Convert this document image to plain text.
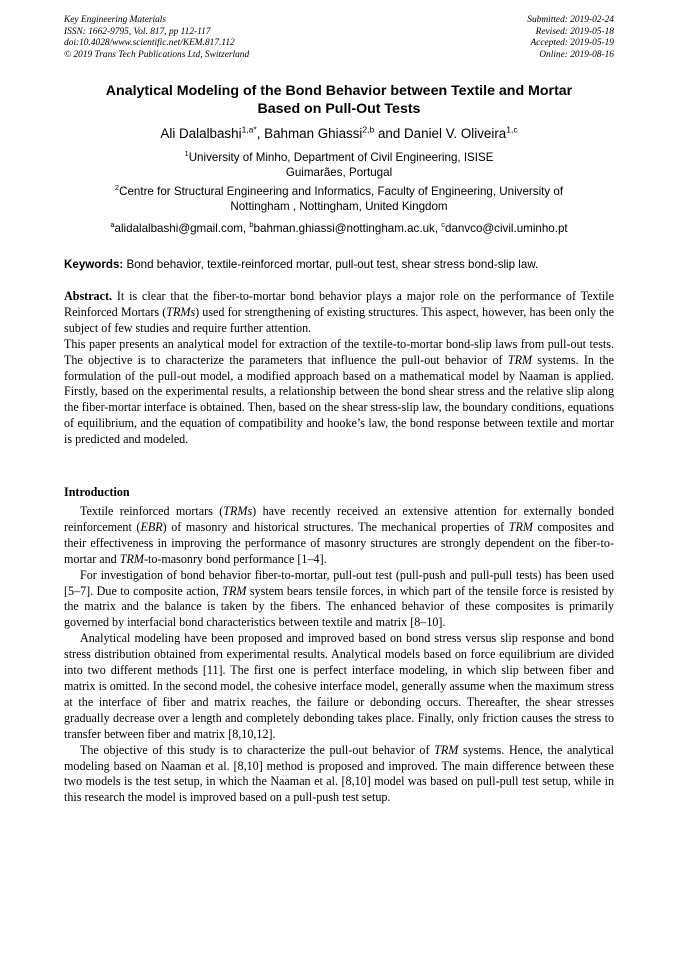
Key Engineering Materials
ISSN: 1662-9795, Vol. 817, pp 112-117
doi:10.4028/www.scientific.net/KEM.817.112
© 2019 Trans Tech Publications Ltd, Switzerland
Submitted: 2019-02-24
Revised: 2019-05-18
Accepted: 2019-05-19
Online: 2019-08-16
Analytical Modeling of the Bond Behavior between Textile and Mortar
Based on Pull-Out Tests
Ali Dalalbashi$^{1,a*}$, Bahman Ghiassi$^{2,b}$ and Daniel V. Oliveira$^{1,c}$
$^1$University of Minho, Department of Civil Engineering, ISISE
Guimarães, Portugal
$^2$Centre for Structural Engineering and Informatics, Faculty of Engineering, University of
Nottingham , Nottingham, United Kingdom
$^a$alidalalbashi@gmail.com, $^b$bahman.ghiassi@nottingham.ac.uk, $^c$danvco@civil.uminho.pt
Keywords: Bond behavior, textile-reinforced mortar, pull-out test, shear stress bond-slip law.

Abstract. It is clear that the fiber-to-mortar bond behavior plays a major role on the performance of Textile Reinforced Mortars (TRMs) used for strengthening of existing structures. This aspect, however, has been only the subject of few studies and require further attention.

This paper presents an analytical model for extraction of the textile-to-mortar bond-slip laws from pull-out tests. The objective is to characterize the parameters that influence the pull-out behavior of TRM systems. In the formulation of the pull-out model, a modified approach based on a mathematical model by Naaman is applied. Firstly, based on the experimental results, a relationship between the bond shear stress and the relative slip along the fiber-mortar interface is obtained. Then, based on the shear stress-slip law, the boundary conditions, equations of equilibrium, and the equation of compatibility and hooke’s law, the bond response between textile and mortar is predicted and modeled.

Introduction

Textile reinforced mortars (TRMs) have recently received an extensive attention for externally bonded reinforcement (EBR) of masonry and historical structures. The mechanical properties of TRM composites and their effectiveness in improving the performance of masonry structures are strongly dependent on the fiber-to-mortar and TRM-to-masonry bond performance [1–4].

For investigation of bond behavior fiber-to-mortar, pull-out test (pull-push and pull-pull tests) has been used [5–7]. Due to composite action, TRM system bears tensile forces, in which part of the tensile force is resisted by the matrix and the balance is taken by the fibers. The enhanced behavior of these composites is primarily governed by interfacial bond characteristics between textile and matrix [8–10].

Analytical modeling have been proposed and improved based on bond stress versus slip response and bond stress distribution obtained from experimental results. Analytical models based on force equilibrium are divided into two different methods [11]. The first one is perfect interface modeling, in which slip between fiber and matrix is omitted. In the second model, the cohesive interface model, generally assume when the maximum stress at the interface of fiber and matrix reaches, the failure or debonding occurs. Thereafter, the shear stresses gradually decrease over a length and completely debonding takes place. Finally, only friction causes the stress to transfer between fiber and matrix [8,10,12].

The objective of this study is to characterize the pull-out behavior of TRM systems. Hence, the analytical modeling based on Naaman et al. [8,10] method is proposed and improved. The main difference between these two models is the test setup, in which the Naaman et al. [8,10] model was based on pull-pull test setup, while in this research the model is improved based on a pull-push test setup.
